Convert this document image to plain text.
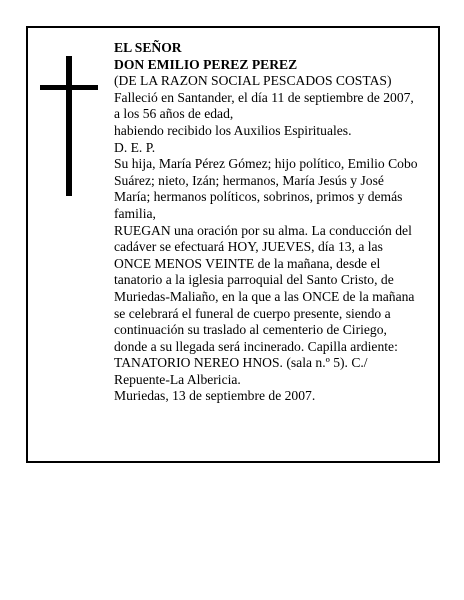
EL SEÑOR
DON EMILIO PEREZ PEREZ
(DE LA RAZON SOCIAL PESCADOS COSTAS)
Falleció en Santander, el día 11 de septiembre de 2007,
a los 56 años de edad,
habiendo recibido los Auxilios Espirituales.
D. E. P.
Su hija, María Pérez Gómez; hijo político, Emilio Cobo
Suárez; nieto, Izán; hermanos, María Jesús y José
María; hermanos políticos, sobrinos, primos y demás
familia,
RUEGAN una oración por su alma. La conducción del
cadáver se efectuará HOY, JUEVES, día 13, a las
ONCE MENOS VEINTE de la mañana, desde el
tanatorio a la iglesia parroquial del Santo Cristo, de
Muriedas-Maliaño, en la que a las ONCE de la mañana
se celebrará el funeral de cuerpo presente, siendo a
continuación su traslado al cementerio de Ciriego,
donde a su llegada será incinerado. Capilla ardiente:
TANATORIO NEREO HNOS. (sala n.º 5). C./
Repuente-La Albericia.
Muriedas, 13 de septiembre de 2007.
